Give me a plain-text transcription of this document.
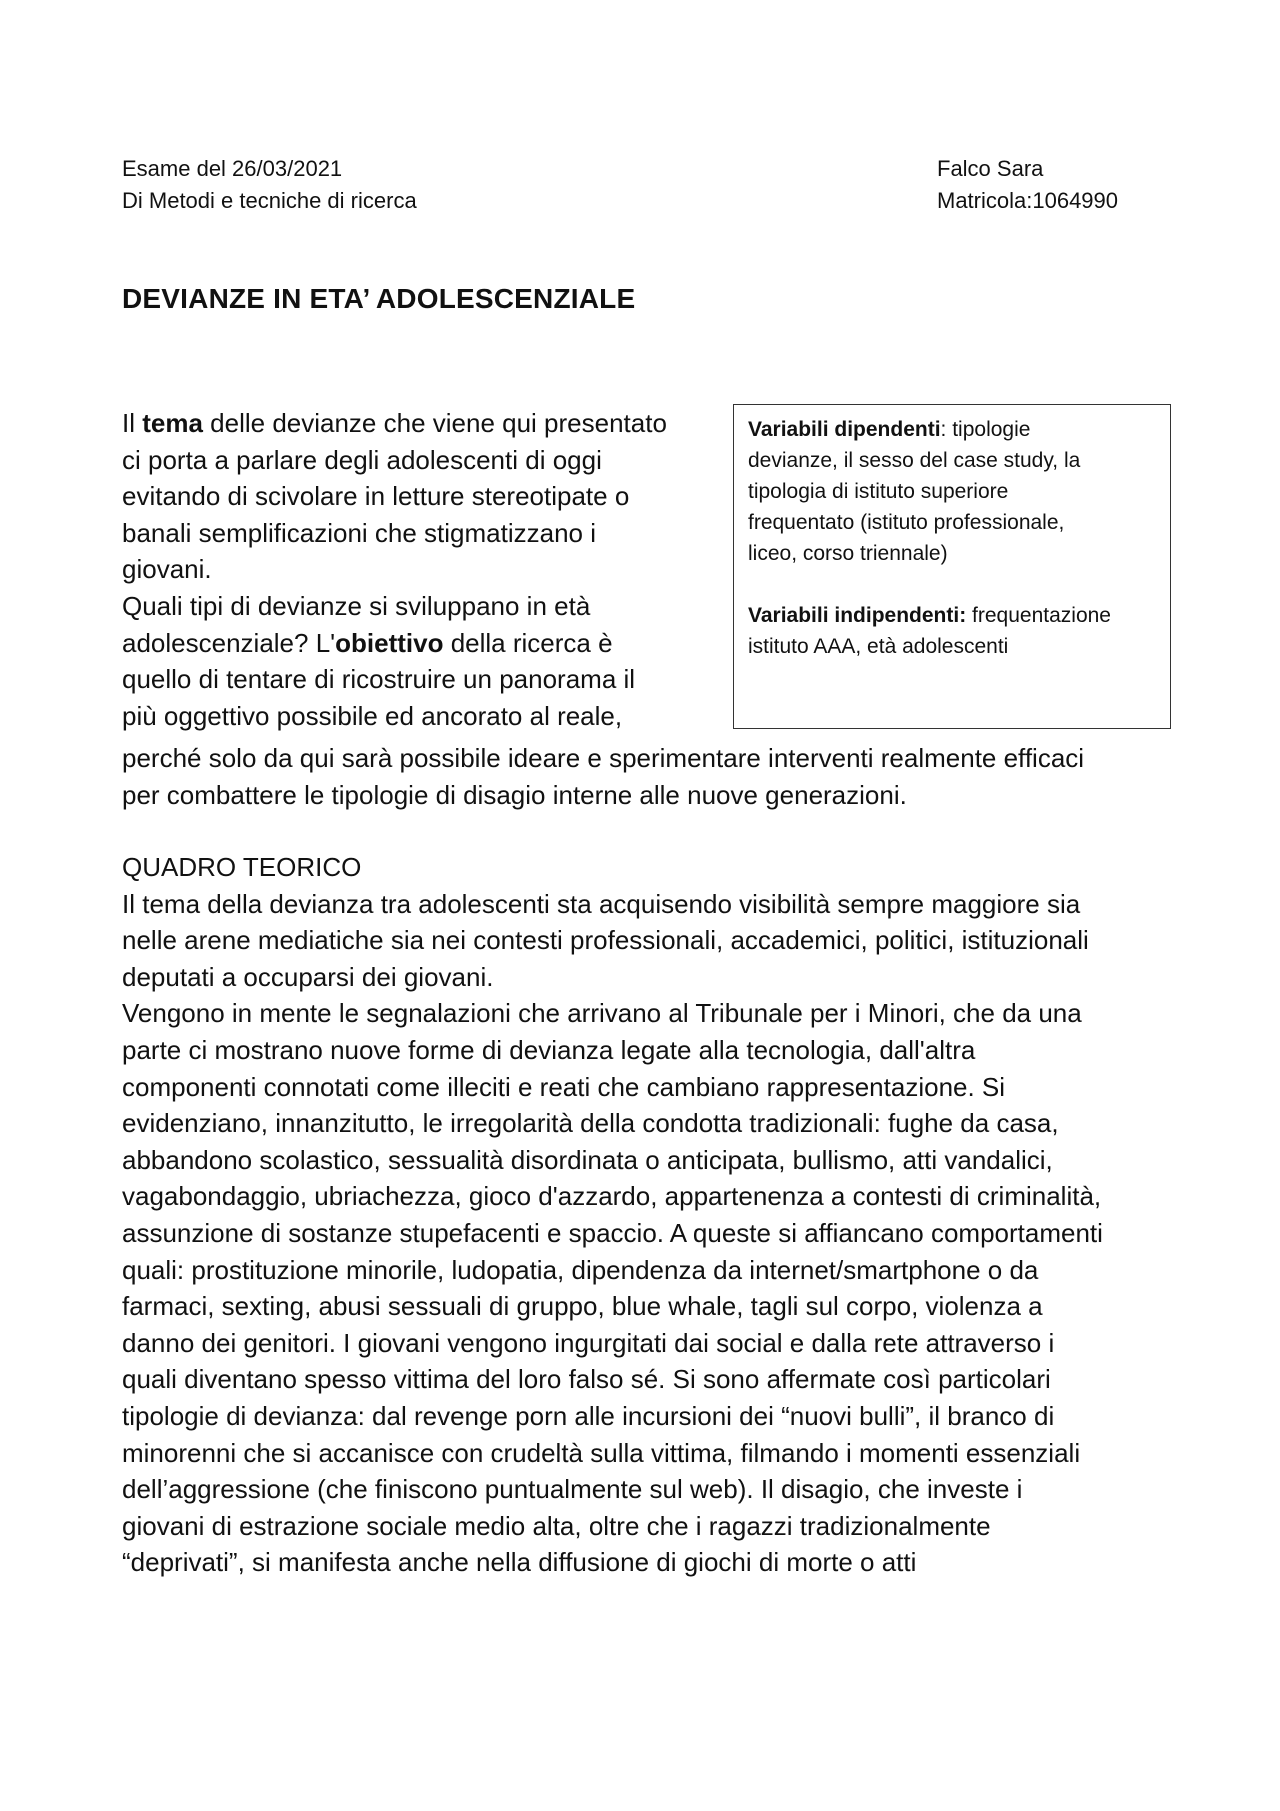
Esame del 26/03/2021
Di Metodi e tecniche di ricerca
Falco Sara
Matricola:1064990
DEVIANZE IN ETA’ ADOLESCENZIALE
Il tema delle devianze che viene qui presentato
ci porta a parlare degli adolescenti di oggi
evitando di scivolare in letture stereotipate o
banali semplificazioni che stigmatizzano i
giovani.
Quali tipi di devianze si sviluppano in età
adolescenziale? L'obiettivo della ricerca è
quello di tentare di ricostruire un panorama il
più oggettivo possibile ed ancorato al reale,
perché solo da qui sarà possibile ideare e sperimentare interventi realmente efficaci
per combattere le tipologie di disagio interne alle nuove generazioni.
Variabili dipendenti: tipologie
devianze, il sesso del case study, la
tipologia di istituto superiore
frequentato (istituto professionale,
liceo, corso triennale)
Variabili indipendenti: frequentazione
istituto AAA, età adolescenti
QUADRO TEORICO
Il tema della devianza tra adolescenti sta acquisendo visibilità sempre maggiore sia
nelle arene mediatiche sia nei contesti professionali, accademici, politici, istituzionali
deputati a occuparsi dei giovani.
Vengono in mente le segnalazioni che arrivano al Tribunale per i Minori, che da una
parte ci mostrano nuove forme di devianza legate alla tecnologia, dall'altra
componenti connotati come illeciti e reati che cambiano rappresentazione. Si
evidenziano, innanzitutto, le irregolarità della condotta tradizionali: fughe da casa,
abbandono scolastico, sessualità disordinata o anticipata, bullismo, atti vandalici,
vagabondaggio, ubriachezza, gioco d'azzardo, appartenenza a contesti di criminalità,
assunzione di sostanze stupefacenti e spaccio. A queste si affiancano comportamenti
quali: prostituzione minorile, ludopatia, dipendenza da internet/smartphone o da
farmaci, sexting, abusi sessuali di gruppo, blue whale, tagli sul corpo, violenza a
danno dei genitori. I giovani vengono ingurgitati dai social e dalla rete attraverso i
quali diventano spesso vittima del loro falso sé. Si sono affermate così particolari
tipologie di devianza: dal revenge porn alle incursioni dei “nuovi bulli”, il branco di
minorenni che si accanisce con crudeltà sulla vittima, filmando i momenti essenziali
dell’aggressione (che finiscono puntualmente sul web). Il disagio, che investe i
giovani di estrazione sociale medio alta, oltre che i ragazzi tradizionalmente
“deprivati”, si manifesta anche nella diffusione di giochi di morte o atti
